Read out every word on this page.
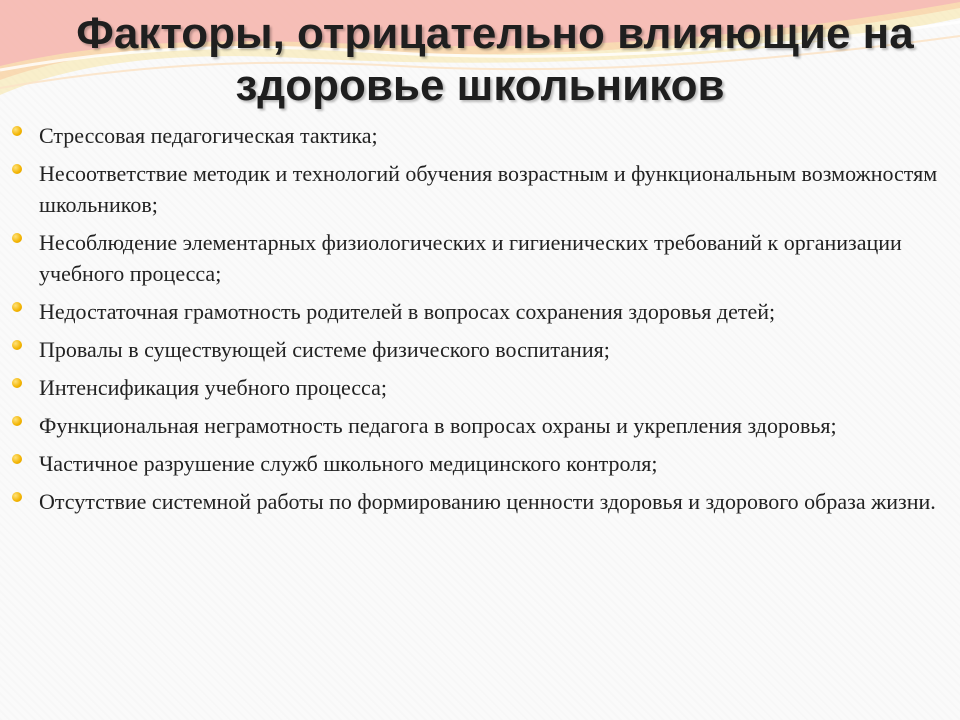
Факторы, отрицательно влияющие на
здоровье школьников
Стрессовая педагогическая тактика;
Несоответствие методик и технологий обучения возрастным и функциональным возможностям школьников;
Несоблюдение элементарных физиологических и гигиенических требований к организации учебного процесса;
Недостаточная грамотность родителей в вопросах сохранения здоровья детей;
Провалы в существующей системе физического воспитания;
Интенсификация учебного процесса;
Функциональная неграмотность педагога в вопросах охраны и укрепления здоровья;
Частичное разрушение служб школьного медицинского контроля;
Отсутствие системной работы по формированию ценности здоровья и здорового образа жизни.
